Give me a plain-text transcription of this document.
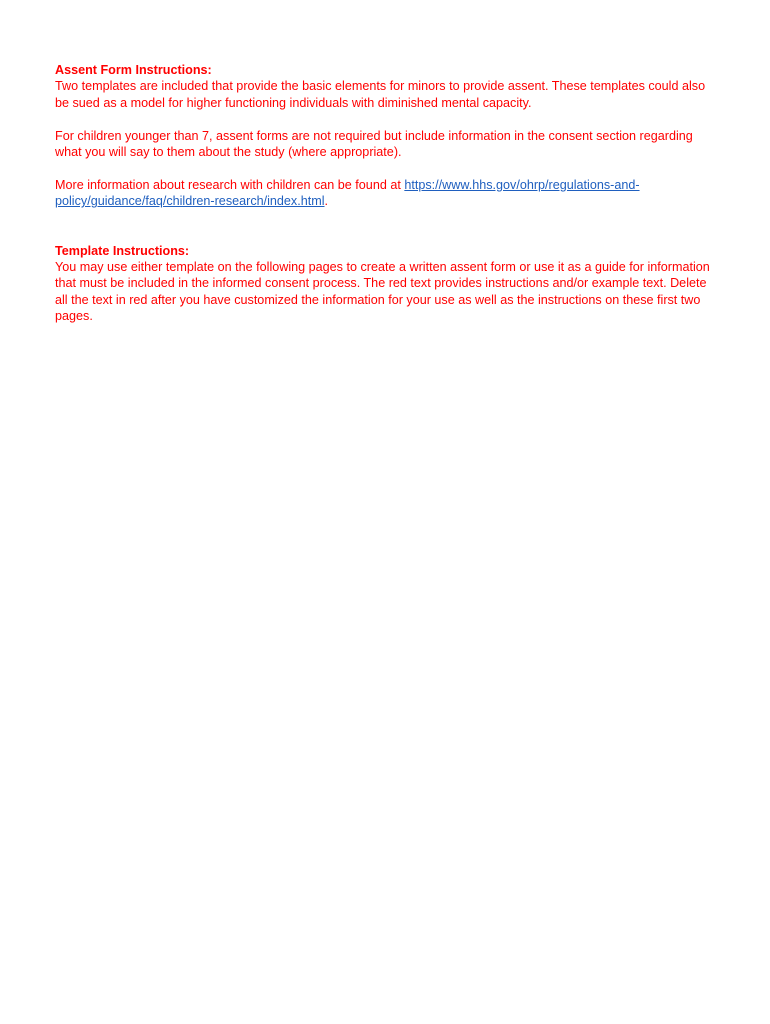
Assent Form Instructions:

Two templates are included that provide the basic elements for minors to provide assent. These templates could also be sued as a model for higher functioning individuals with diminished mental capacity.

For children younger than 7, assent forms are not required but include information in the consent section regarding what you will say to them about the study (where appropriate).

More information about research with children can be found at https://www.hhs.gov/ohrp/regulations-and-policy/guidance/faq/children-research/index.html.

Template Instructions:

You may use either template on the following pages to create a written assent form or use it as a guide for information that must be included in the informed consent process. The red text provides instructions and/or example text. Delete all the text in red after you have customized the information for your use as well as the instructions on these first two pages.
